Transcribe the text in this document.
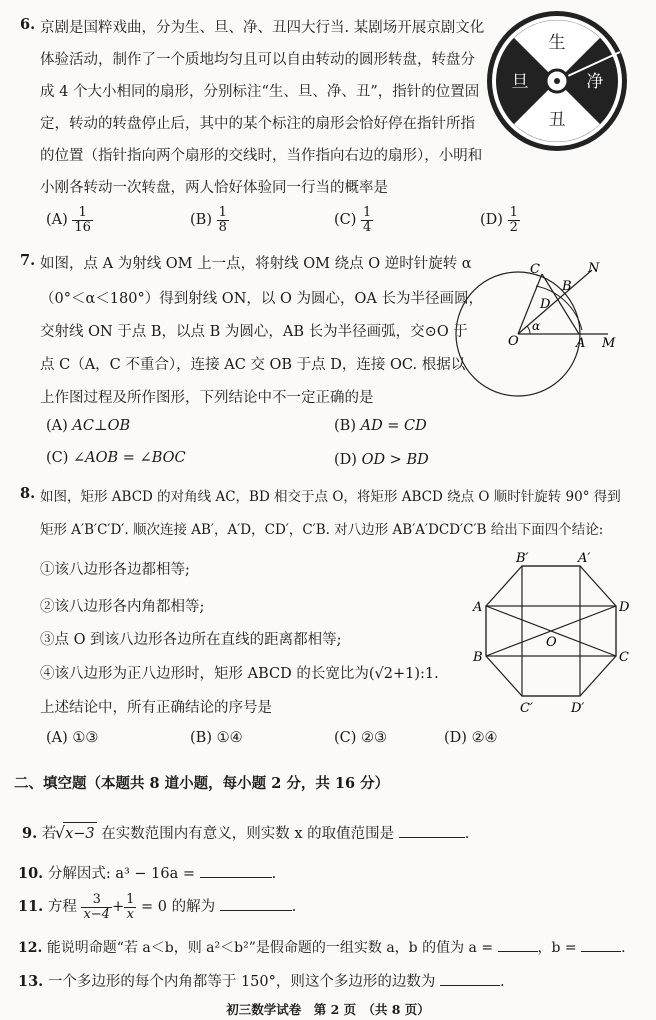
6. 京剧是国粹戏曲，分为生、旦、净、丑四大行当. 某剧场开展京剧文化
体验活动，制作了一个质地均匀且可以自由转动的圆形转盘，转盘分
成 4 个大小相同的扇形，分别标注“生、旦、净、丑”，指针的位置固
定，转动的转盘停止后，其中的某个标注的扇形会恰好停在指针所指
的位置（指针指向两个扇形的交线时，当作指向右边的扇形），小明和
小刚各转动一次转盘，两人恰好体验同一行当的概率是
$(A) \frac{1}{16}$	$(B) \frac{1}{8}$	$(C) \frac{1}{4}$	$(D) \frac{1}{2}$
生
丑
旦	净
7. 如图，点 A 为射线 OM 上一点，将射线 OM 绕点 O 逆时针旋转 α
（0°＜α＜180°）得到射线 ON，以 O 为圆心，OA 长为半径画圆，
交射线 ON 于点 B，以点 B 为圆心，AB 长为半径画弧，交⊙O 于
点 C（A，C 不重合），连接 AC 交 OB 于点 D，连接 OC. 根据以
上作图过程及所作图形，下列结论中不一定正确的是
(A) AC⊥OB	(B) AD = CD
(C) ∠AOB = ∠BOC	(D) OD > BD
C	N
B
D
O	A M
α
8. 如图，矩形 ABCD 的对角线 AC，BD 相交于点 O，将矩形 ABCD 绕点 O 顺时针旋转 90° 得到
矩形 A′B′C′D′. 顺次连接 AB′，A′D，CD′，C′B. 对八边形 AB′A′DCD′C′B 给出下面四个结论:
①该八边形各边都相等;
②该八边形各内角都相等;
③点 O 到该八边形各边所在直线的距离都相等;
④该八边形为正八边形时，矩形 ABCD 的长宽比为(√2+1):1.
上述结论中，所有正确结论的序号是
(A) ①③	(B) ①④	(C) ②③	(D) ②④
B′	A′
A	D
O
B	C
C′	D′
二、填空题（本题共 8 道小题，每小题 2 分，共 16 分）
9. 若 √x−3 在实数范围内有意义，则实数 x 的取值范围是	.
10. 分解因式: a³ − 16a =	.
11. 方程 $\frac{3}{x-4} + \frac{1}{x} = 0$ 的解为	.
12. 能说明命题“若 a＜b，则 a²＜b²”是假命题的一组实数 a，b 的值为 a =	，b =	.
13. 一个多边形的每个内角都等于 150°，则这个多边形的边数为	.
初三数学试卷　第 2 页　（共 8 页）
